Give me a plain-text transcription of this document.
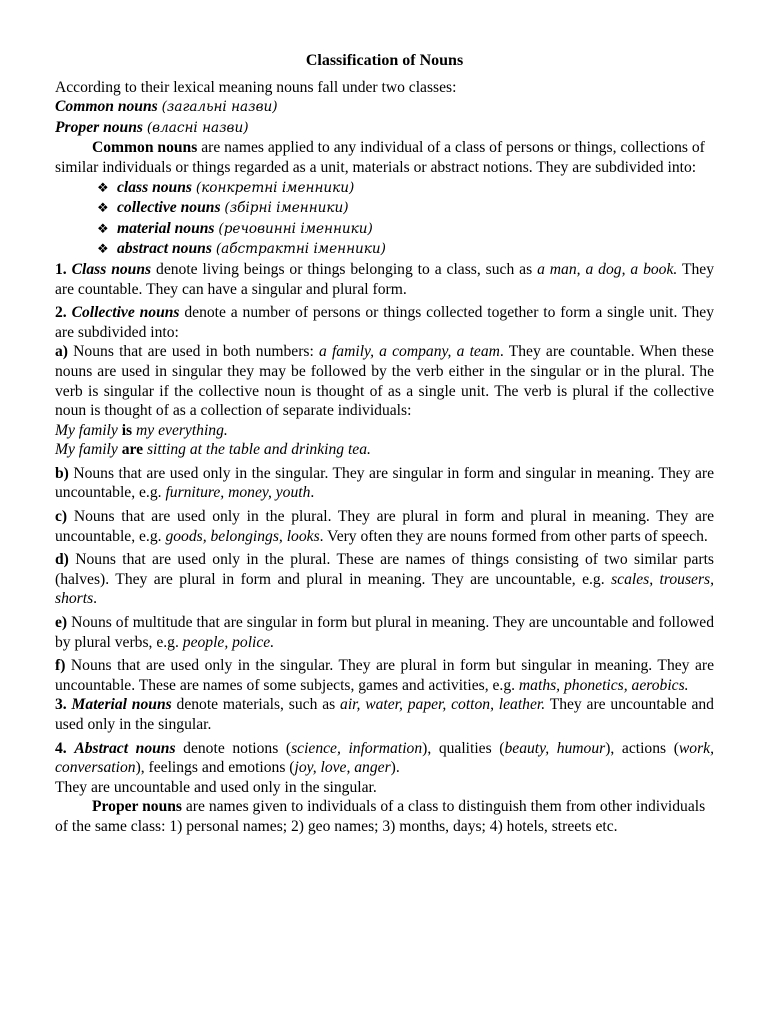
Classification of Nouns

According to their lexical meaning nouns fall under two classes:

Common nouns (загальні назви)

Proper nouns (власні назви)

Common nouns are names applied to any individual of a class of persons or things, collections of similar individuals or things regarded as a unit, materials or abstract notions. They are subdivided into:

❖ class nouns (конкретні іменники)
❖ collective nouns (збірні іменники)
❖ material nouns (речовинні іменники)
❖ abstract nouns (абстрактні іменники)

1. Class nouns denote living beings or things belonging to a class, such as a man, a dog, a book. They are countable. They can have a singular and plural form.

2. Collective nouns denote a number of persons or things collected together to form a single unit. They are subdivided into:

a) Nouns that are used in both numbers: a family, a company, a team. They are countable. When these nouns are used in singular they may be followed by the verb either in the singular or in the plural. The verb is singular if the collective noun is thought of as a single unit. The verb is plural if the collective noun is thought of as a collection of separate individuals:

My family is my everything.

My family are sitting at the table and drinking tea.

b) Nouns that are used only in the singular. They are singular in form and singular in meaning. They are uncountable, e.g. furniture, money, youth.

c) Nouns that are used only in the plural. They are plural in form and plural in meaning. They are uncountable, e.g. goods, belongings, looks. Very often they are nouns formed from other parts of speech.

d) Nouns that are used only in the plural. These are names of things consisting of two similar parts (halves). They are plural in form and plural in meaning. They are uncountable, e.g. scales, trousers, shorts.

e) Nouns of multitude that are singular in form but plural in meaning. They are uncountable and followed by plural verbs, e.g. people, police.

f) Nouns that are used only in the singular. They are plural in form but singular in meaning. They are uncountable. These are names of some subjects, games and activities, e.g. maths, phonetics, aerobics.

3. Material nouns denote materials, such as air, water, paper, cotton, leather. They are uncountable and used only in the singular.

4. Abstract nouns denote notions (science, information), qualities (beauty, humour), actions (work, conversation), feelings and emotions (joy, love, anger).

They are uncountable and used only in the singular.

Proper nouns are names given to individuals of a class to distinguish them from other individuals of the same class: 1) personal names; 2) geo names; 3) months, days; 4) hotels, streets etc.
